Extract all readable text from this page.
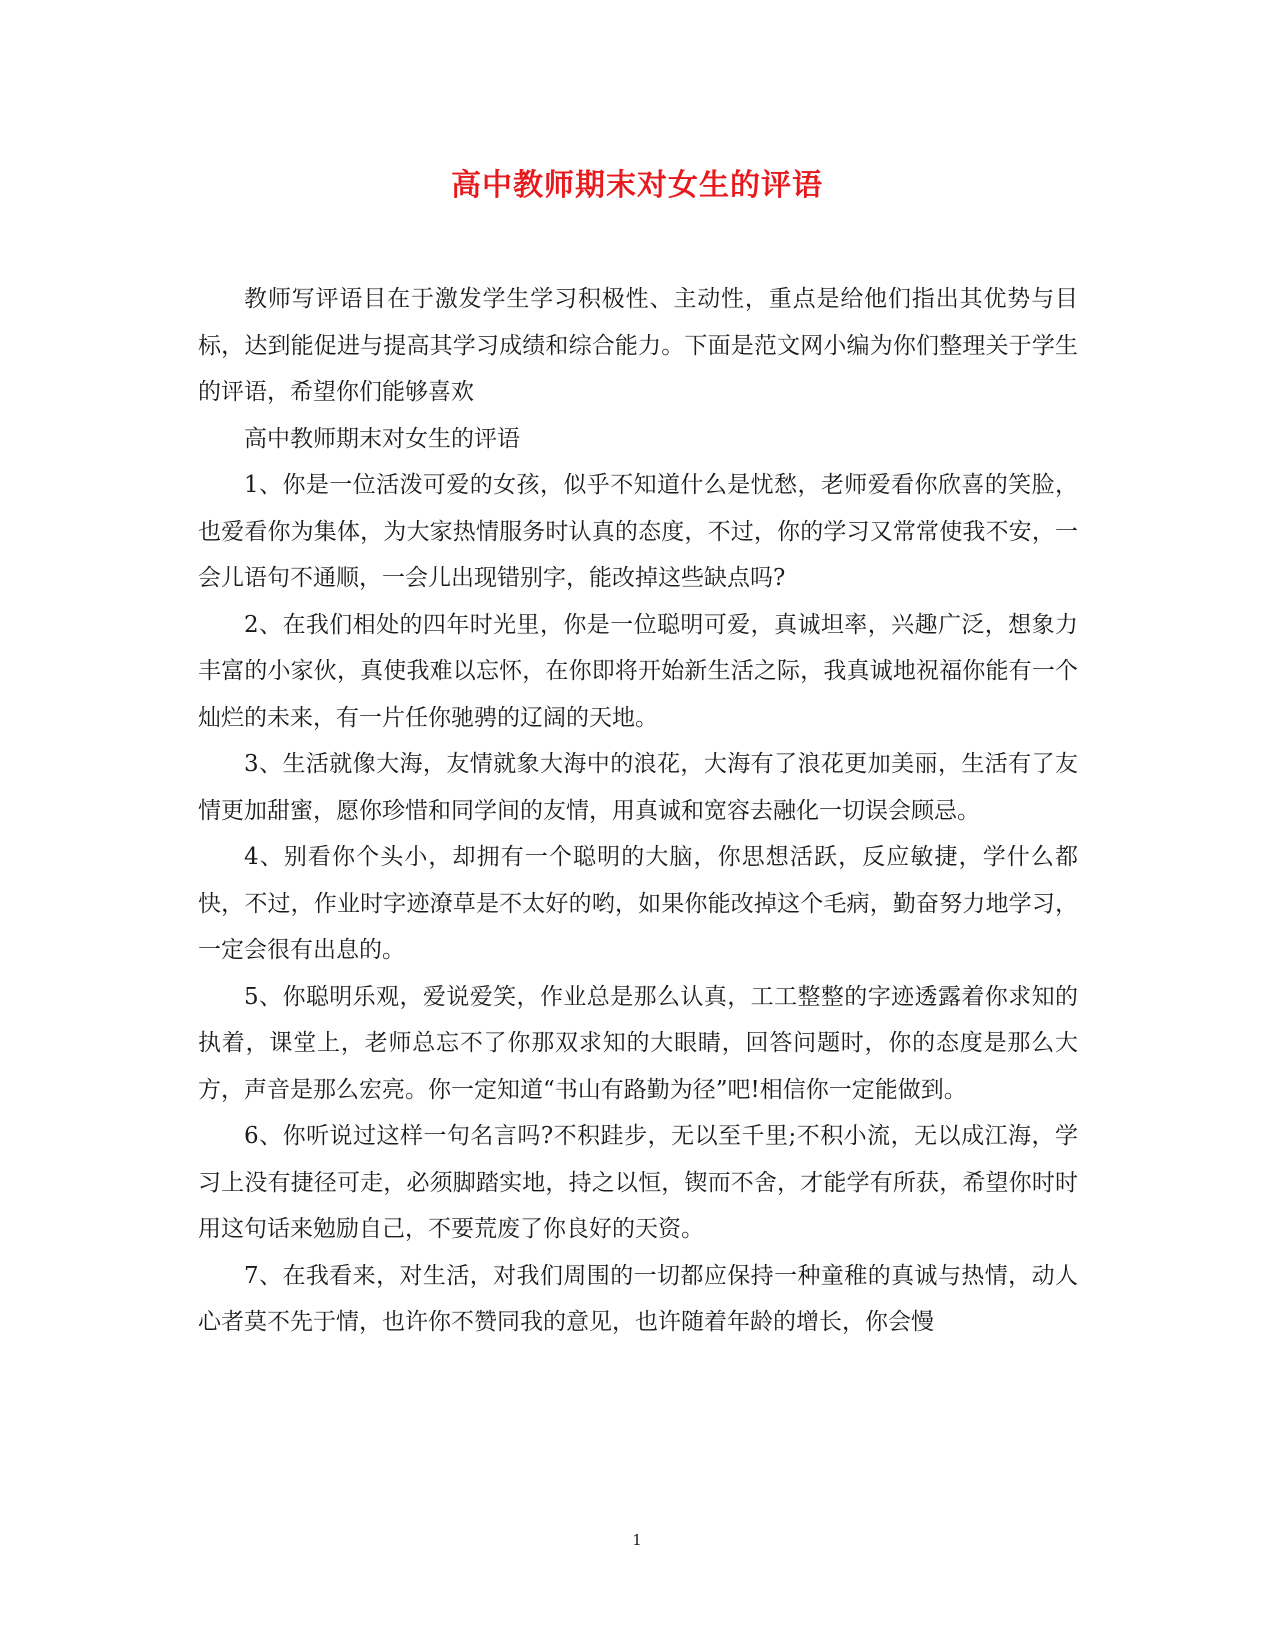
高中教师期末对女生的评语

教师写评语目在于激发学生学习积极性、主动性，重点是给他们指出其优势与目标，达到能促进与提高其学习成绩和综合能力。下面是范文网小编为你们整理关于学生的评语，希望你们能够喜欢

高中教师期末对女生的评语

1、你是一位活泼可爱的女孩，似乎不知道什么是忧愁，老师爱看你欣喜的笑脸，也爱看你为集体，为大家热情服务时认真的态度，不过，你的学习又常常使我不安，一会儿语句不通顺，一会儿出现错别字，能改掉这些缺点吗?

2、在我们相处的四年时光里，你是一位聪明可爱，真诚坦率，兴趣广泛，想象力丰富的小家伙，真使我难以忘怀，在你即将开始新生活之际，我真诚地祝福你能有一个灿烂的未来，有一片任你驰骋的辽阔的天地。

3、生活就像大海，友情就象大海中的浪花，大海有了浪花更加美丽，生活有了友情更加甜蜜，愿你珍惜和同学间的友情，用真诚和宽容去融化一切误会顾忌。

4、别看你个头小，却拥有一个聪明的大脑，你思想活跃，反应敏捷，学什么都快，不过，作业时字迹潦草是不太好的哟，如果你能改掉这个毛病，勤奋努力地学习，一定会很有出息的。

5、你聪明乐观，爱说爱笑，作业总是那么认真，工工整整的字迹透露着你求知的执着，课堂上，老师总忘不了你那双求知的大眼睛，回答问题时，你的态度是那么大方，声音是那么宏亮。你一定知道“书山有路勤为径”吧!相信你一定能做到。

6、你听说过这样一句名言吗?不积跬步，无以至千里;不积小流，无以成江海，学习上没有捷径可走，必须脚踏实地，持之以恒，锲而不舍，才能学有所获，希望你时时用这句话来勉励自己，不要荒废了你良好的天资。

7、在我看来，对生活，对我们周围的一切都应保持一种童稚的真诚与热情，动人心者莫不先于情，也许你不赞同我的意见，也许随着年龄的增长，你会慢

1
